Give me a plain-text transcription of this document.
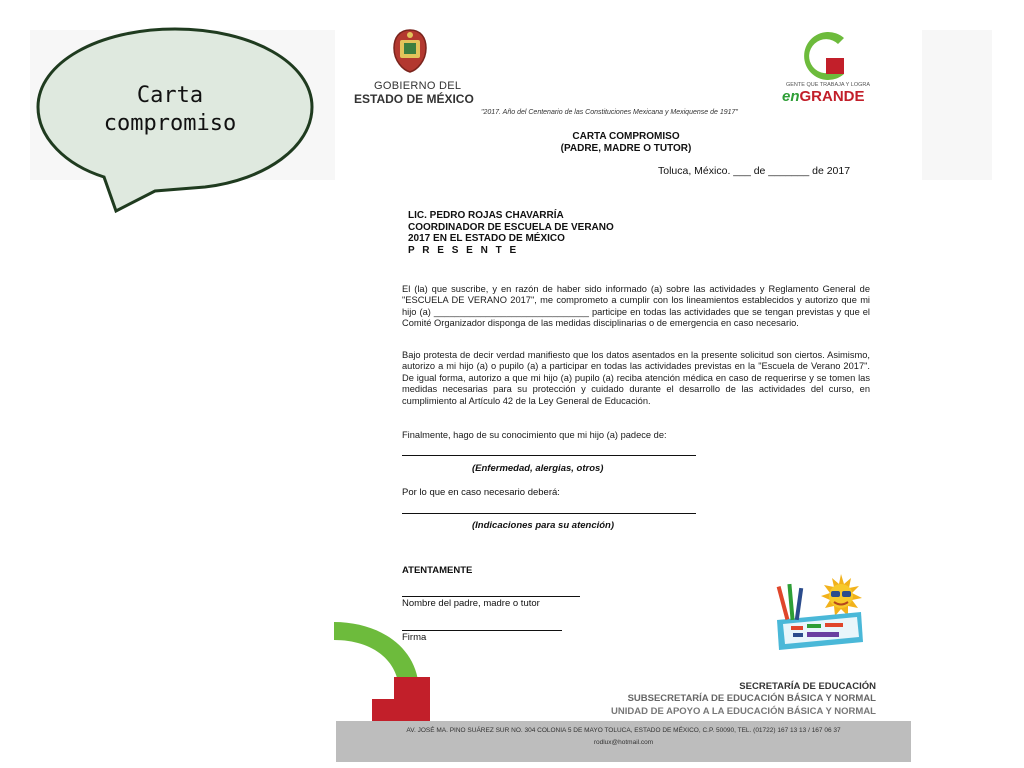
Carta
compromiso
GOBIERNO DEL
ESTADO DE MÉXICO
GENTE QUE TRABAJA Y LOGRA
enGRANDE
"2017. Año del Centenario de las Constituciones Mexicana y Mexiquense de 1917"
CARTA COMPROMISO
(PADRE, MADRE O TUTOR)
Toluca, México. ___ de _______ de 2017
LIC. PEDRO ROJAS CHAVARRÍA
COORDINADOR DE ESCUELA DE VERANO
2017 EN EL ESTADO DE MÉXICO
P R E S E N T E
El (la) que suscribe, y en razón de haber sido informado (a) sobre las actividades y Reglamento General de "ESCUELA DE VERANO 2017", me comprometo a cumplir con los lineamientos establecidos y autorizo que mi hijo (a) ______________________________ participe en todas las actividades que se tengan previstas y que el Comité Organizador disponga de las medidas disciplinarias o de emergencia en caso necesario.
Bajo protesta de decir verdad manifiesto que los datos asentados en la presente solicitud son ciertos. Asimismo, autorizo a mi hijo (a) o pupilo (a) a participar en todas las actividades previstas en la "Escuela de Verano 2017". De igual forma, autorizo a que mi hijo (a) pupilo (a) reciba atención médica en caso de requerirse y se tomen las medidas necesarias para su protección y cuidado durante el desarrollo de las actividades del curso, en cumplimiento al Artículo 42 de la Ley General de Educación.
Finalmente, hago de su conocimiento que mi hijo (a) padece de:
(Enfermedad, alergias, otros)
Por lo que en caso necesario deberá:
(Indicaciones para su atención)
ATENTAMENTE
Nombre del padre, madre o tutor
Firma
SECRETARÍA DE EDUCACIÓN
SUBSECRETARÍA DE EDUCACIÓN BÁSICA Y NORMAL
UNIDAD DE APOYO A LA EDUCACIÓN BÁSICA Y NORMAL
AV. JOSÉ MA. PINO SUÁREZ SUR NO. 304 COLONIA 5 DE MAYO TOLUCA, ESTADO DE MÉXICO, C.P. 50090, TEL. (01722) 167 13 13 / 167 06 37
rodlux@hotmail.com
